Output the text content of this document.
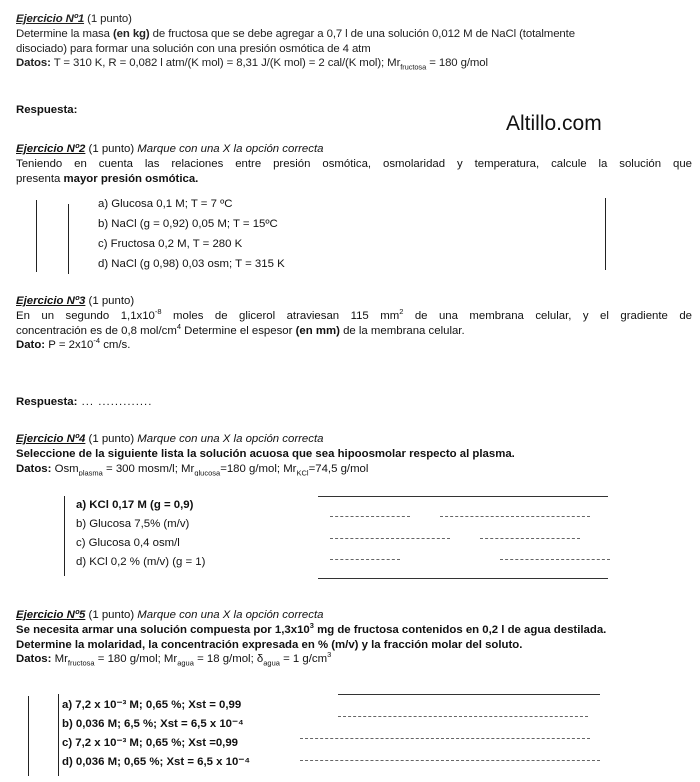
Altillo.com
Ejercicio Nº1 (1 punto)
Determine la masa (en kg) de fructosa que se debe agregar a 0,7 l de una solución 0,012 M de NaCl (totalmente
disociado) para formar una solución con una presión osmótica de 4 atm
Datos: T = 310 K, R = 0,082 l atm/(K mol) = 8,31 J/(K mol) = 2 cal/(K mol); $Mr_{fructosa} = 180$ g/mol
Respuesta:
Ejercicio Nº2 (1 punto) Marque con una X la opción correcta
Teniendo en cuenta las relaciones entre presión osmótica, osmolaridad y temperatura, calcule la solución que
presenta mayor presión osmótica.
a) Glucosa 0,1 M; T = 7 ºC
b) NaCl (g = 0,92) 0,05 M; T = 15ºC
c) Fructosa 0,2 M, T = 280 K
d) NaCl (g 0,98) 0,03 osm; T = 315 K
Ejercicio Nº3 (1 punto)
En un segundo $1,1x10^{-8}$ moles de glicerol atraviesan 115 $mm^2$ de una membrana celular, y el gradiente de
concentración es de 0,8 mol/$cm^4$ Determine el espesor (en mm) de la membrana celular.
Dato: $P = 2x10^{-4}$ cm/s.
Respuesta: ... .............
Ejercicio Nº4 (1 punto) Marque con una X la opción correcta
Seleccione de la siguiente lista la solución acuosa que sea hipoosmolar respecto al plasma.
Datos: Osm$_{plasma}$ = 300 mosm/l; $Mr_{glucosa}=180$ g/mol; $Mr_{KCl}=74,5$ g/mol
a) KCl 0,17 M (g = 0,9)
b) Glucosa 7,5% (m/v)
c) Glucosa 0,4 osm/l
d) KCl 0,2 % (m/v) (g = 1)
Ejercicio Nº5 (1 punto) Marque con una X la opción correcta
Se necesita armar una solución compuesta por $1,3x10^3$ mg de fructosa contenidos en 0,2 l de agua destilada.
Determine la molaridad, la concentración expresada en % (m/v) y la fracción molar del soluto.
Datos: $Mr_{fructosa} = 180$ g/mol; $Mr_{agua} = 18$ g/mol; $\delta_{agua} = 1$ $g/cm^3$
a) 7,2 x 10⁻³ M; 0,65 %; Xst = 0,99
b) 0,036 M; 6,5 %; Xst = 6,5 x 10⁻⁴
c) 7,2 x 10⁻³ M; 0,65 %; Xst =0,99
d) 0,036 M; 0,65 %; Xst = 6,5 x 10⁻⁴
